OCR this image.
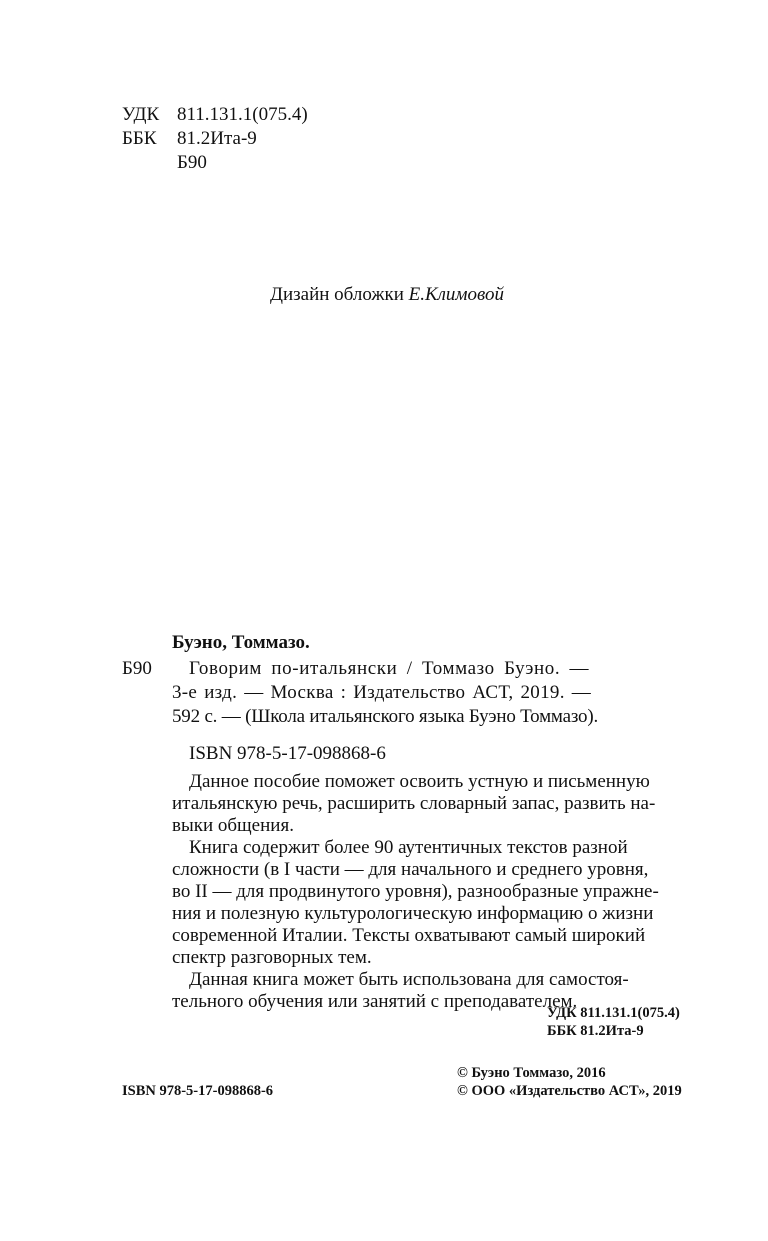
УДК 811.131.1(075.4)
ББК 81.2Ита-9
Б90
Дизайн обложки Е.Климовой
Буэно, Томмазо.
Б90 Говорим по-итальянски / Томмазо Буэно. —
3-е изд. — Москва : Издательство АСТ, 2019. —
592 с. — (Школа итальянского языка Буэно Томмазо).
ISBN 978-5-17-098868-6
Данное пособие поможет освоить устную и письменную
итальянскую речь, расширить словарный запас, развить на-
выки общения.
Книга содержит более 90 аутентичных текстов разной
сложности (в I части — для начального и среднего уровня,
во II — для продвинутого уровня), разнообразные упражне-
ния и полезную культурологическую информацию о жизни
современной Италии. Тексты охватывают самый широкий
спектр разговорных тем.
Данная книга может быть использована для самостоя-
тельного обучения или занятий с преподавателем.
УДК 811.131.1(075.4)
ББК 81.2Ита-9
ISBN 978-5-17-098868-6
© Буэно Томмазо, 2016
© ООО «Издательство АСТ», 2019
